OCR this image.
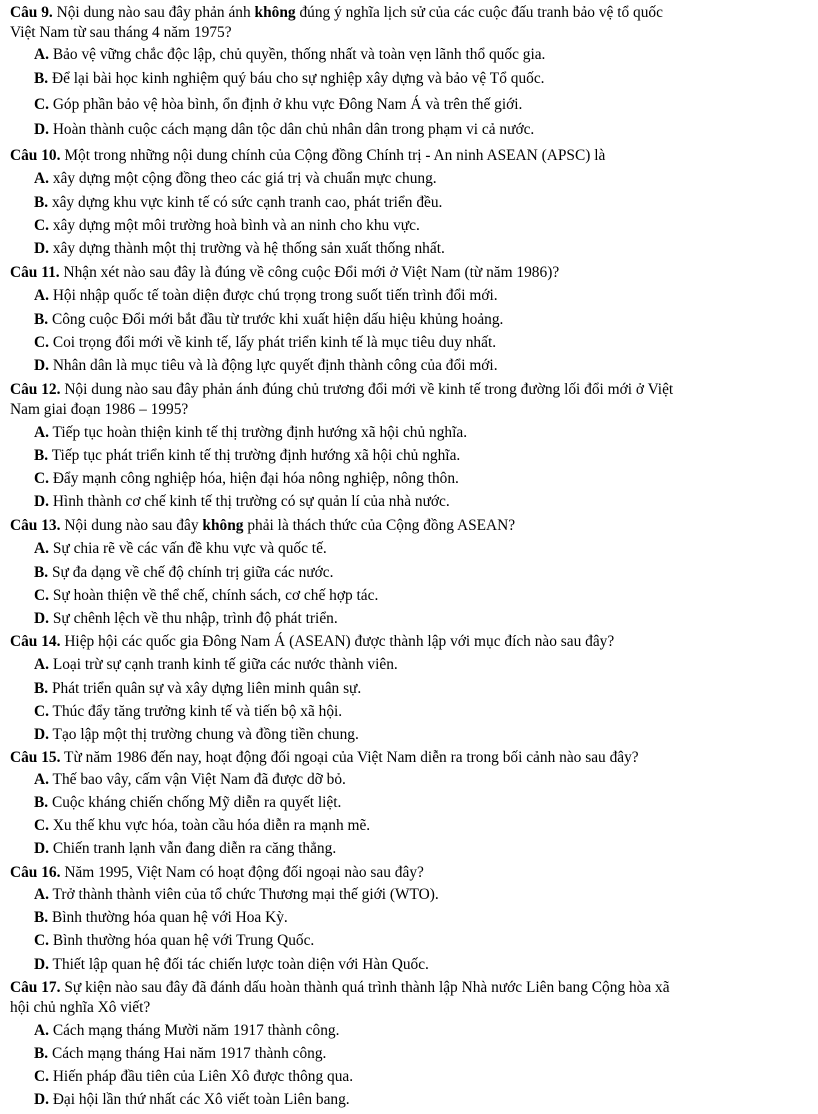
Câu 9. Nội dung nào sau đây phản ánh không đúng ý nghĩa lịch sử của các cuộc đấu tranh bảo vệ tổ quốc
Việt Nam từ sau tháng 4 năm 1975?
A. Bảo vệ vững chắc độc lập, chủ quyền, thống nhất và toàn vẹn lãnh thổ quốc gia.
B. Để lại bài học kinh nghiệm quý báu cho sự nghiệp xây dựng và bảo vệ Tổ quốc.
C. Góp phần bảo vệ hòa bình, ổn định ở khu vực Đông Nam Á và trên thế giới.
D. Hoàn thành cuộc cách mạng dân tộc dân chủ nhân dân trong phạm vi cả nước.
Câu 10. Một trong những nội dung chính của Cộng đồng Chính trị - An ninh ASEAN (APSC) là
A. xây dựng một cộng đồng theo các giá trị và chuẩn mực chung.
B. xây dựng khu vực kinh tế có sức cạnh tranh cao, phát triển đều.
C. xây dựng một môi trường hoà bình và an ninh cho khu vực.
D. xây dựng thành một thị trường và hệ thống sản xuất thống nhất.
Câu 11. Nhận xét nào sau đây là đúng về công cuộc Đổi mới ở Việt Nam (từ năm 1986)?
A. Hội nhập quốc tế toàn diện được chú trọng trong suốt tiến trình đổi mới.
B. Công cuộc Đổi mới bắt đầu từ trước khi xuất hiện dấu hiệu khủng hoảng.
C. Coi trọng đổi mới về kinh tế, lấy phát triển kinh tế là mục tiêu duy nhất.
D. Nhân dân là mục tiêu và là động lực quyết định thành công của đổi mới.
Câu 12. Nội dung nào sau đây phản ánh đúng chủ trương đổi mới về kinh tế trong đường lối đổi mới ở Việt
Nam giai đoạn 1986 – 1995?
A. Tiếp tục hoàn thiện kinh tế thị trường định hướng xã hội chủ nghĩa.
B. Tiếp tục phát triển kinh tế thị trường định hướng xã hội chủ nghĩa.
C. Đẩy mạnh công nghiệp hóa, hiện đại hóa nông nghiệp, nông thôn.
D. Hình thành cơ chế kinh tế thị trường có sự quản lí của nhà nước.
Câu 13. Nội dung nào sau đây không phải là thách thức của Cộng đồng ASEAN?
A. Sự chia rẽ về các vấn đề khu vực và quốc tế.
B. Sự đa dạng về chế độ chính trị giữa các nước.
C. Sự hoàn thiện về thể chế, chính sách, cơ chế hợp tác.
D. Sự chênh lệch về thu nhập, trình độ phát triển.
Câu 14. Hiệp hội các quốc gia Đông Nam Á (ASEAN) được thành lập với mục đích nào sau đây?
A. Loại trừ sự cạnh tranh kinh tế giữa các nước thành viên.
B. Phát triển quân sự và xây dựng liên minh quân sự.
C. Thúc đẩy tăng trưởng kinh tế và tiến bộ xã hội.
D. Tạo lập một thị trường chung và đồng tiền chung.
Câu 15. Từ năm 1986 đến nay, hoạt động đối ngoại của Việt Nam diễn ra trong bối cảnh nào sau đây?
A. Thế bao vây, cấm vận Việt Nam đã được dỡ bỏ.
B. Cuộc kháng chiến chống Mỹ diễn ra quyết liệt.
C. Xu thế khu vực hóa, toàn cầu hóa diễn ra mạnh mẽ.
D. Chiến tranh lạnh vẫn đang diễn ra căng thẳng.
Câu 16. Năm 1995, Việt Nam có hoạt động đối ngoại nào sau đây?
A. Trở thành thành viên của tổ chức Thương mại thế giới (WTO).
B. Bình thường hóa quan hệ với Hoa Kỳ.
C. Bình thường hóa quan hệ với Trung Quốc.
D. Thiết lập quan hệ đối tác chiến lược toàn diện với Hàn Quốc.
Câu 17. Sự kiện nào sau đây đã đánh dấu hoàn thành quá trình thành lập Nhà nước Liên bang Cộng hòa xã
hội chủ nghĩa Xô viết?
A. Cách mạng tháng Mười năm 1917 thành công.
B. Cách mạng tháng Hai năm 1917 thành công.
C. Hiến pháp đầu tiên của Liên Xô được thông qua.
D. Đại hội lần thứ nhất các Xô viết toàn Liên bang.
